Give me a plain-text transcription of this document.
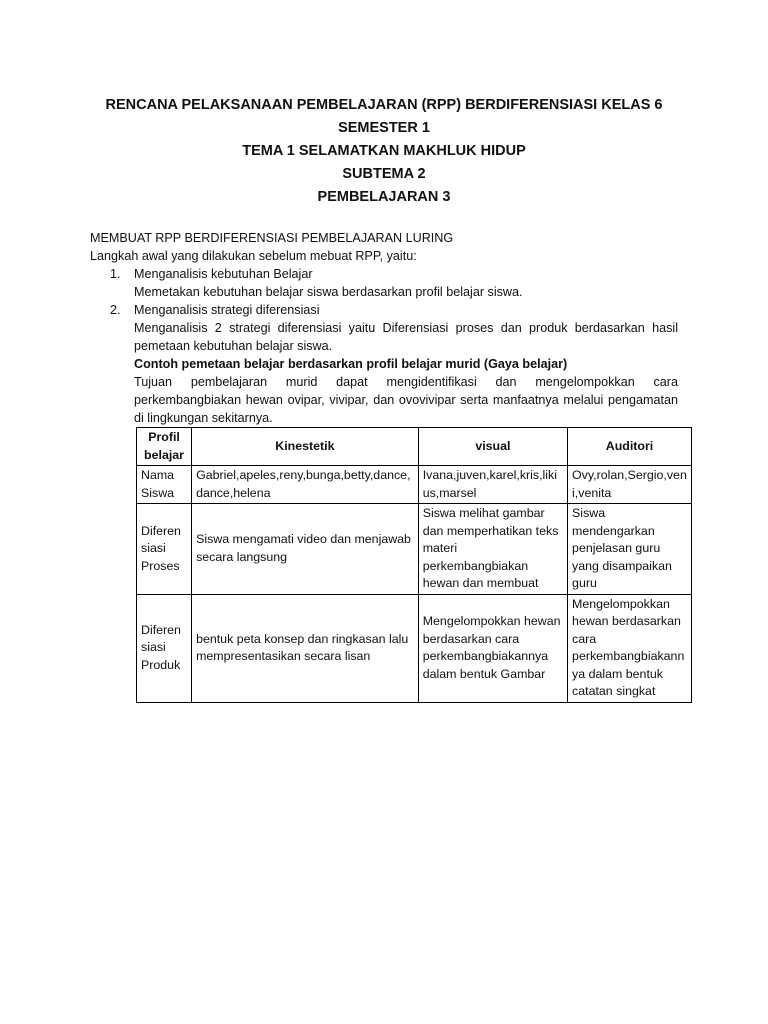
RENCANA PELAKSANAAN PEMBELAJARAN (RPP) BERDIFERENSIASI KELAS 6
SEMESTER 1
TEMA 1 SELAMATKAN MAKHLUK HIDUP
SUBTEMA 2
PEMBELAJARAN 3
MEMBUAT RPP BERDIFERENSIASI PEMBELAJARAN LURING
Langkah awal yang dilakukan sebelum mebuat RPP, yaitu:
1. Menganalisis kebutuhan Belajar
Memetakan kebutuhan belajar siswa berdasarkan profil belajar siswa.
2. Menganalisis strategi diferensiasi
Menganalisis 2 strategi diferensiasi yaitu Diferensiasi proses dan produk berdasarkan hasil
pemetaan kebutuhan belajar siswa.
Contoh pemetaan belajar berdasarkan profil belajar murid (Gaya belajar)
Tujuan pembelajaran murid dapat mengidentifikasi dan mengelompokkan cara
perkembangbiakan hewan ovipar, vivipar, dan ovovivipar serta manfaatnya melalui pengamatan
di lingkungan sekitarnya.
Profil belajar	Kinestetik	visual	Auditori
Nama Siswa	Gabriel,apeles,reny,bunga,betty,dance,dance,helena	Ivana,juven,karel,kris,likius,marsel	Ovy,rolan,Sergio,veni,venita
Diferensiasi Proses	Siswa mengamati video dan menjawab secara langsung	Siswa melihat gambar dan memperhatikan teks materi perkembangbiakan hewan dan membuat	Siswa mendengarkan penjelasan guru yang disampaikan guru
Diferensiasi Produk	bentuk peta konsep dan ringkasan lalu mempresentasikan secara lisan	Mengelompokkan hewan berdasarkan cara perkembangbiakannya dalam bentuk Gambar	Mengelompokkan hewan berdasarkan cara perkembangbiakannya dalam bentuk catatan singkat
